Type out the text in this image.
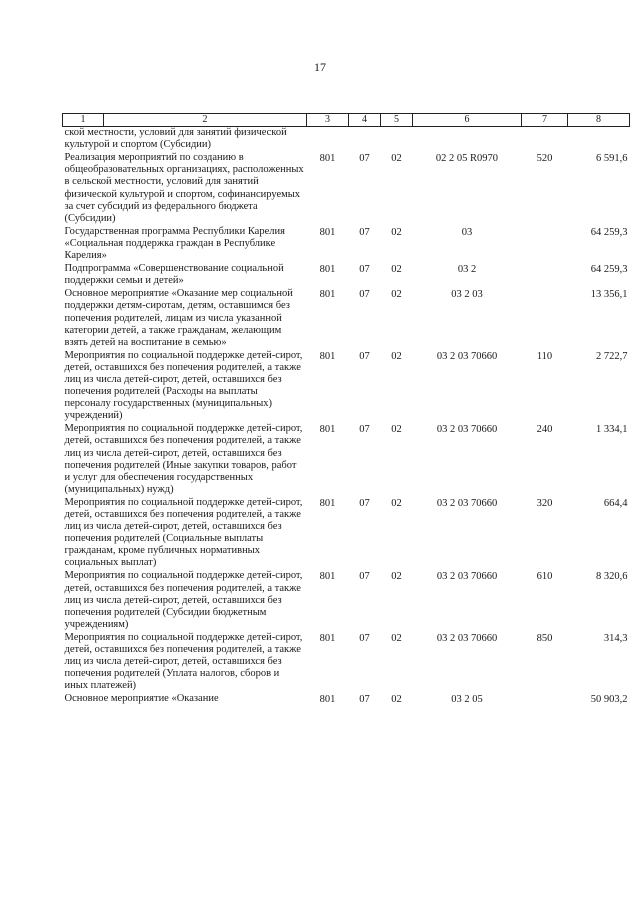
17
1	2	3	4	5	6	7	8
ской местности, условий для занятий физической культурой и спортом (Субсидии)							
Реализация мероприятий по созданию в общеобразовательных организациях, расположенных в сельской местности, условий для занятий физической культурой и спортом, софинансируемых за счет субсидий из федерального бюджета (Субсидии)		801	07	02	02 2 05 R0970	520	6 591,6
Государственная программа Республики Карелия «Социальная поддержка граждан в Республике Карелия»		801	07	02	03		64 259,3
Подпрограмма «Совершенствование социальной поддержки семьи и детей»		801	07	02	03 2		64 259,3
Основное мероприятие «Оказание мер социальной поддержки детям-сиротам, детям, оставшимся без попечения родителей, лицам из числа указанной категории детей, а также гражданам, желающим взять детей на воспитание в семью»		801	07	02	03 2 03		13 356,1
Мероприятия по социальной поддержке детей-сирот, детей, оставшихся без попечения родителей, а также лиц из числа детей-сирот, детей, оставшихся без попечения родителей (Расходы на выплаты персоналу государственных (муниципальных) учреждений)		801	07	02	03 2 03 70660	110	2 722,7
Мероприятия по социальной поддержке детей-сирот, детей, оставшихся без попечения родителей, а также лиц из числа детей-сирот, детей, оставшихся без попечения родителей (Иные закупки товаров, работ и услуг для обеспечения государственных (муниципальных) нужд)		801	07	02	03 2 03 70660	240	1 334,1
Мероприятия по социальной поддержке детей-сирот, детей, оставшихся без попечения родителей, а также лиц из числа детей-сирот, детей, оставшихся без попечения родителей (Социальные выплаты гражданам, кроме публичных нормативных социальных выплат)		801	07	02	03 2 03 70660	320	664,4
Мероприятия по социальной поддержке детей-сирот, детей, оставшихся без попечения родителей, а также лиц из числа детей-сирот, детей, оставшихся без попечения родителей (Субсидии бюджетным учреждениям)		801	07	02	03 2 03 70660	610	8 320,6
Мероприятия по социальной поддержке детей-сирот, детей, оставшихся без попечения родителей, а также лиц из числа детей-сирот, детей, оставшихся без попечения родителей (Уплата налогов, сборов и иных платежей)		801	07	02	03 2 03 70660	850	314,3
Основное мероприятие «Оказание		801	07	02	03 2 05		50 903,2
